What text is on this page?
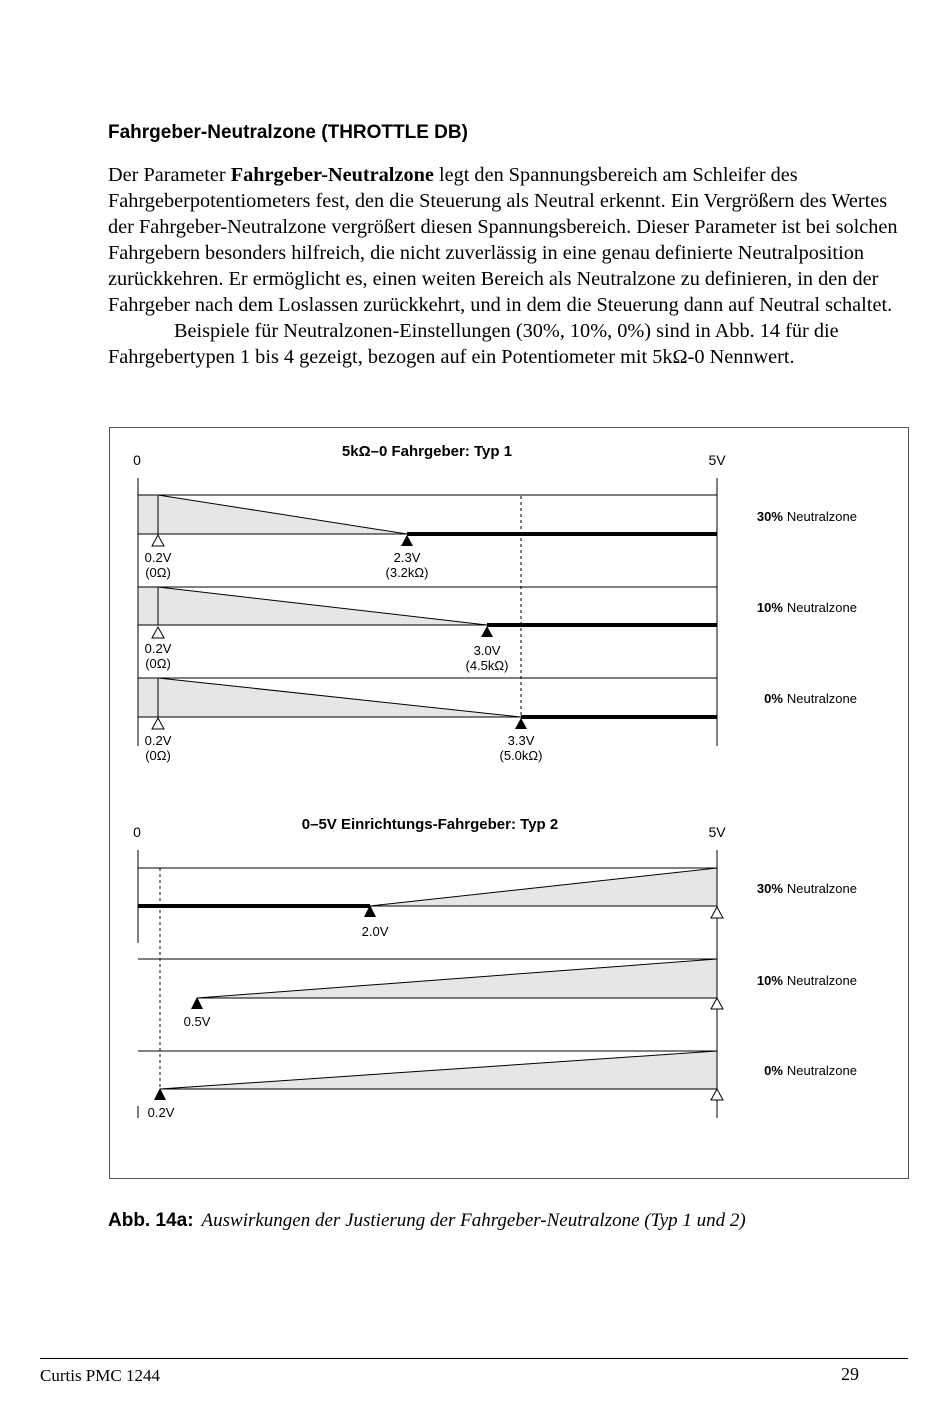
Fahrgeber-Neutralzone (THROTTLE DB)

Der Parameter Fahrgeber-Neutralzone legt den Spannungsbereich am Schleifer des Fahrgeberpotentiometers fest, den die Steuerung als Neutral erkennt. Ein Vergrößern des Wertes der Fahrgeber-Neutralzone vergrößert diesen Spannungsbereich. Dieser Parameter ist bei solchen Fahrgebern besonders hilfreich, die nicht zuverlässig in eine genau definierte Neutralposition zurückkehren. Er ermöglicht es, einen weiten Bereich als Neutralzone zu definieren, in den der Fahrgeber nach dem Loslassen zurückkehrt, und in dem die Steuerung dann auf Neutral schaltet.

Beispiele für Neutralzonen-Einstellungen (30%, 10%, 0%) sind in Abb. 14 für die Fahrgebertypen 1 bis 4 gezeigt, bezogen auf ein Potentiometer mit 5kΩ-0 Nennwert.

5kΩ–0 Fahrgeber: Typ 1
0	5V
0.2V
(0Ω)
2.3V
(3.2kΩ)
30% Neutralzone
0.2V
(0Ω)
3.0V
(4.5kΩ)
10% Neutralzone
0.2V
(0Ω)
3.3V
(5.0kΩ)
0% Neutralzone
0–5V Einrichtungs-Fahrgeber: Typ 2
0	5V
2.0V
30% Neutralzone
0.5V
10% Neutralzone
0.2V
0% Neutralzone
Abb. 14a: Auswirkungen der Justierung der Fahrgeber-Neutralzone (Typ 1 und 2)
Curtis PMC 1244	29
